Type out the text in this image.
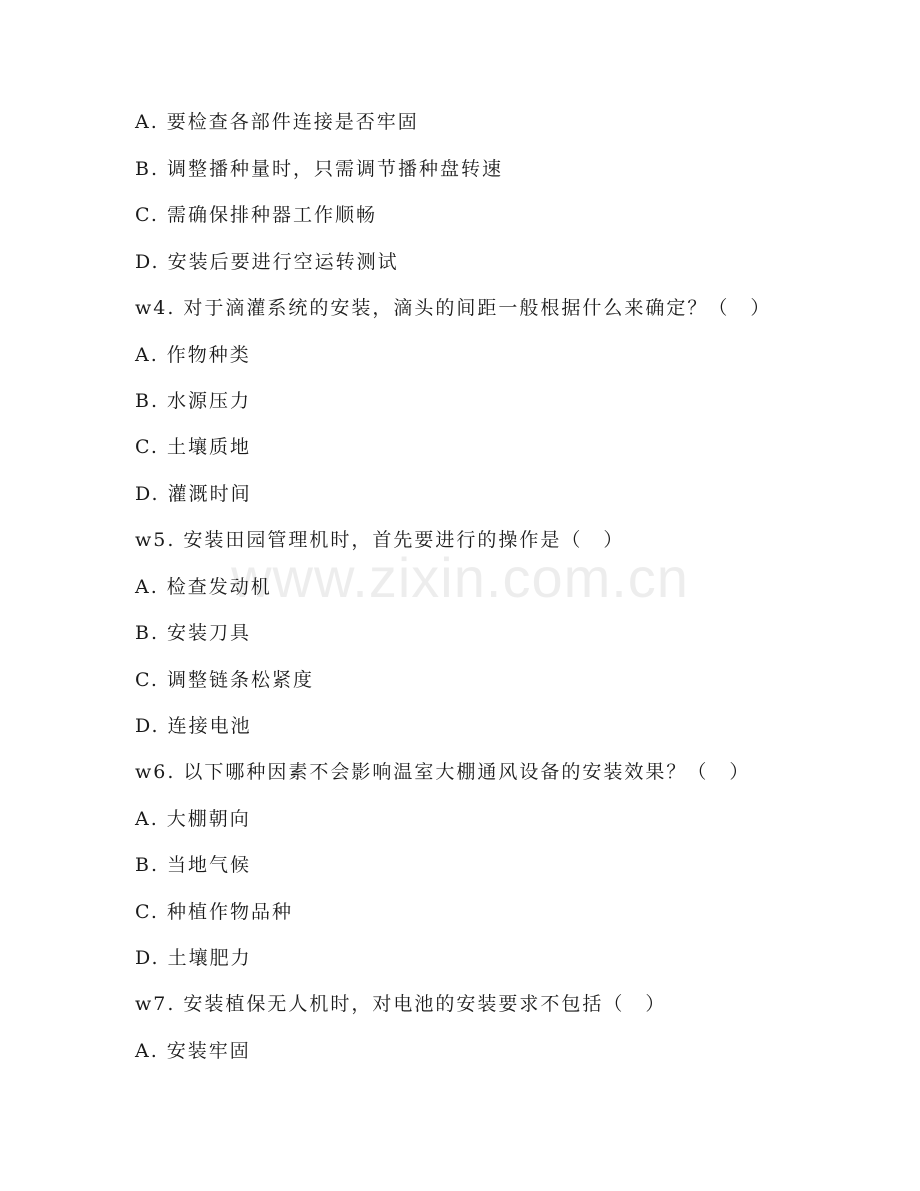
www.zixin.com.cn
A. 要检查各部件连接是否牢固
B. 调整播种量时，只需调节播种盘转速
C. 需确保排种器工作顺畅
D. 安装后要进行空运转测试
w4. 对于滴灌系统的安装，滴头的间距一般根据什么来确定？（　）
A. 作物种类
B. 水源压力
C. 土壤质地
D. 灌溉时间
w5. 安装田园管理机时，首先要进行的操作是（　）
A. 检查发动机
B. 安装刀具
C. 调整链条松紧度
D. 连接电池
w6. 以下哪种因素不会影响温室大棚通风设备的安装效果？（　）
A. 大棚朝向
B. 当地气候
C. 种植作物品种
D. 土壤肥力
w7. 安装植保无人机时，对电池的安装要求不包括（　）
A. 安装牢固
